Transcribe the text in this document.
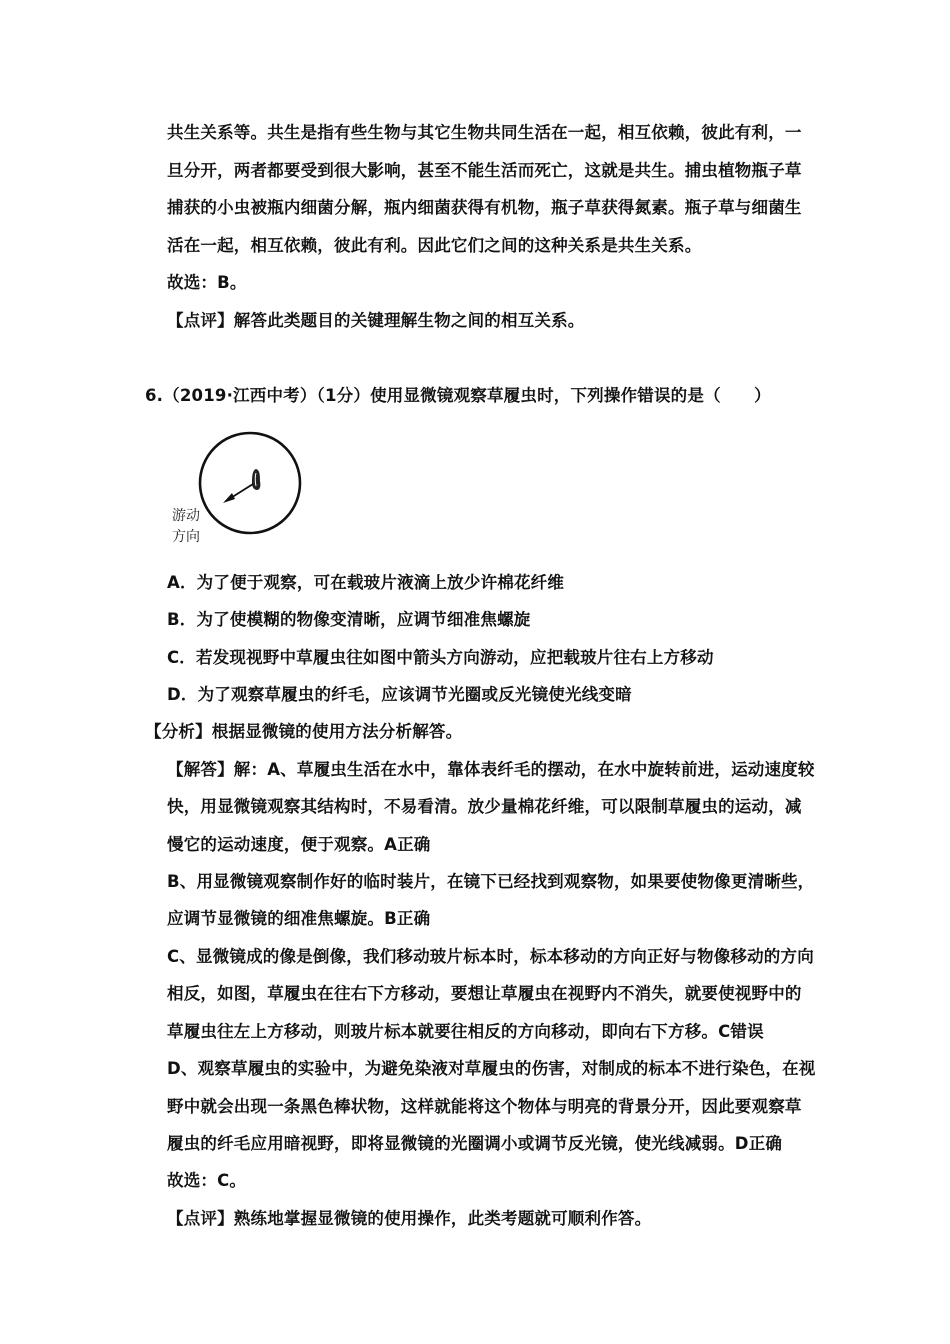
共生关系等。共生是指有些生物与其它生物共同生活在一起，相互依赖，彼此有利，一
旦分开，两者都要受到很大影响，甚至不能生活而死亡，这就是共生。捕虫植物瓶子草
捕获的小虫被瓶内细菌分解，瓶内细菌获得有机物，瓶子草获得氮素。瓶子草与细菌生
活在一起，相互依赖，彼此有利。因此它们之间的这种关系是共生关系。
故选：B。
【点评】解答此类题目的关键理解生物之间的相互关系。
6.（2019·江西中考）（1分）使用显微镜观察草履虫时，下列操作错误的是（　　）
游动
方向
A．为了便于观察，可在载玻片液滴上放少许棉花纤维
B．为了使模糊的物像变清晰，应调节细准焦螺旋
C．若发现视野中草履虫往如图中箭头方向游动，应把载玻片往右上方移动
D．为了观察草履虫的纤毛，应该调节光圈或反光镜使光线变暗
【分析】根据显微镜的使用方法分析解答。
【解答】解：A、草履虫生活在水中，靠体表纤毛的摆动，在水中旋转前进，运动速度较
快，用显微镜观察其结构时，不易看清。放少量棉花纤维，可以限制草履虫的运动，减
慢它的运动速度，便于观察。A正确
B、用显微镜观察制作好的临时装片，在镜下已经找到观察物，如果要使物像更清晰些，
应调节显微镜的细准焦螺旋。B正确
C、显微镜成的像是倒像，我们移动玻片标本时，标本移动的方向正好与物像移动的方向
相反，如图，草履虫在往右下方移动，要想让草履虫在视野内不消失，就要使视野中的
草履虫往左上方移动，则玻片标本就要往相反的方向移动，即向右下方移。C错误
D、观察草履虫的实验中，为避免染液对草履虫的伤害，对制成的标本不进行染色，在视
野中就会出现一条黑色棒状物，这样就能将这个物体与明亮的背景分开，因此要观察草
履虫的纤毛应用暗视野，即将显微镜的光圈调小或调节反光镜，使光线减弱。D正确
故选：C。
【点评】熟练地掌握显微镜的使用操作，此类考题就可顺利作答。
